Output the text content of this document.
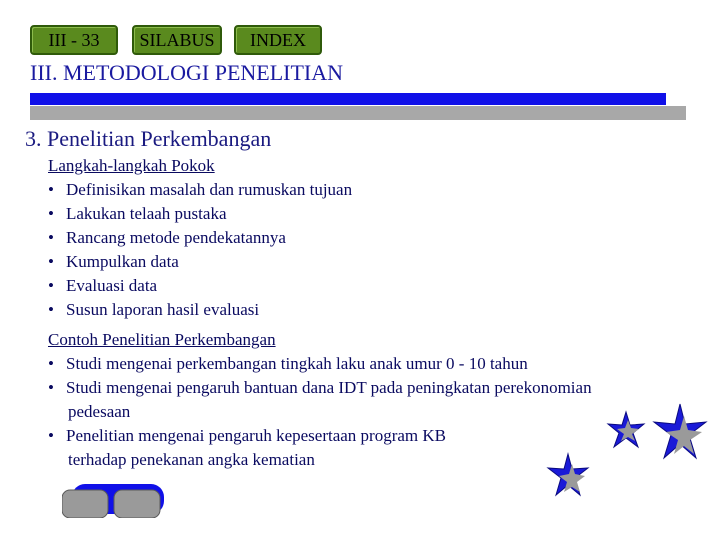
III - 33	SILABUS	INDEX
III. METODOLOGI PENELITIAN
3. Penelitian Perkembangan
Langkah-langkah Pokok
• Definisikan masalah dan rumuskan tujuan
• Lakukan telaah pustaka
• Rancang metode pendekatannya
• Kumpulkan data
• Evaluasi data
• Susun laporan hasil evaluasi
Contoh Penelitian Perkembangan
• Studi mengenai perkembangan tingkah laku anak umur 0 - 10 tahun
• Studi mengenai pengaruh bantuan dana IDT pada peningkatan perekonomian
pedesaan
• Penelitian mengenai pengaruh kepesertaan program KB
terhadap penekanan angka kematian
